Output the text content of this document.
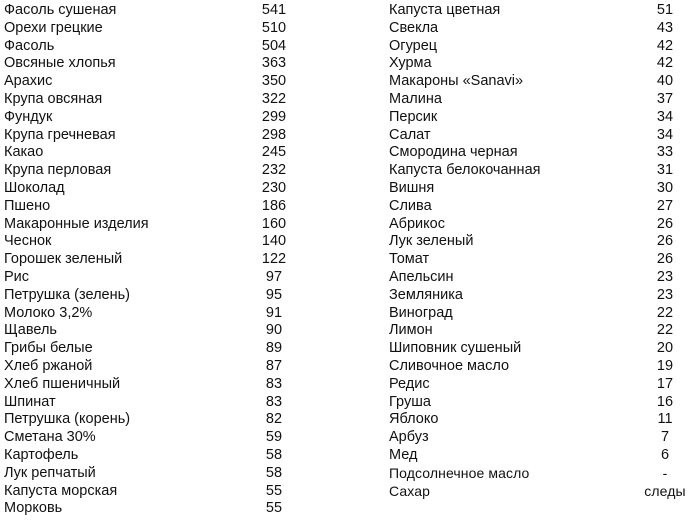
Фасоль сушеная	541
Орехи грецкие	510
Фасоль	504
Овсяные хлопья	363
Арахис	350
Крупа овсяная	322
Фундук	299
Крупа гречневая	298
Какао	245
Крупа перловая	232
Шоколад	230
Пшено	186
Макаронные изделия	160
Чеснок	140
Горошек зеленый	122
Рис	97
Петрушка (зелень)	95
Молоко 3,2%	91
Щавель	90
Грибы белые	89
Хлеб ржаной	87
Хлеб пшеничный	83
Шпинат	83
Петрушка (корень)	82
Сметана 30%	59
Картофель	58
Лук репчатый	58
Капуста морская	55
Морковь	55
Капуста цветная	51
Свекла	43
Огурец	42
Хурма	42
Макароны «Sanavi»	40
Малина	37
Персик	34
Салат	34
Смородина черная	33
Капуста белокочанная	31
Вишня	30
Слива	27
Абрикос	26
Лук зеленый	26
Томат	26
Апельсин	23
Земляника	23
Виноград	22
Лимон	22
Шиповник сушеный	20
Сливочное масло	19
Редис	17
Груша	16
Яблоко	11
Арбуз	7
Мед	6
Подсолнечное масло	-
Сахар	следы
